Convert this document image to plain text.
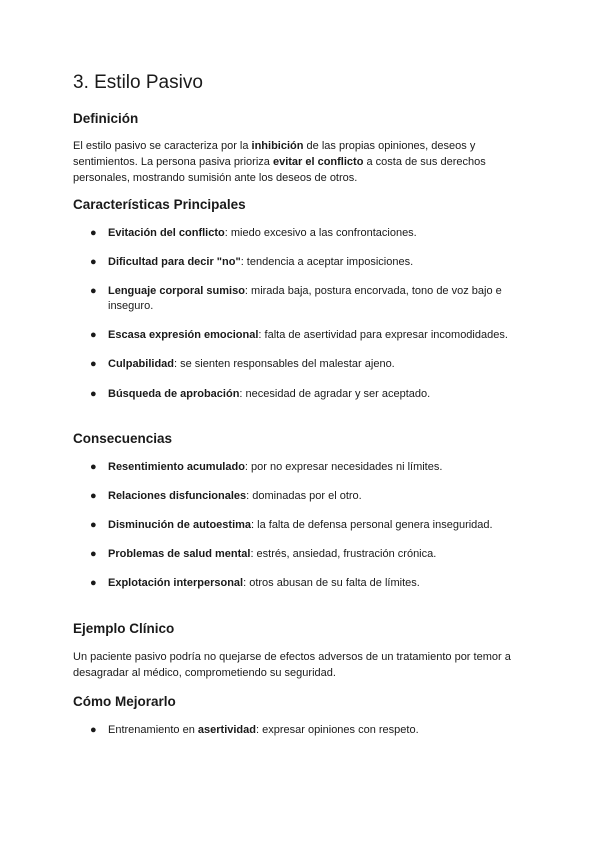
3. Estilo Pasivo
Definición

El estilo pasivo se caracteriza por la inhibición de las propias opiniones, deseos y sentimientos. La persona pasiva prioriza evitar el conflicto a costa de sus derechos personales, mostrando sumisión ante los deseos de otros.

Características Principales
● Evitación del conflicto: miedo excesivo a las confrontaciones.
● Dificultad para decir "no": tendencia a aceptar imposiciones.
● Lenguaje corporal sumiso: mirada baja, postura encorvada, tono de voz bajo e inseguro.
● Escasa expresión emocional: falta de asertividad para expresar incomodidades.
● Culpabilidad: se sienten responsables del malestar ajeno.
● Búsqueda de aprobación: necesidad de agradar y ser aceptado.
Consecuencias
● Resentimiento acumulado: por no expresar necesidades ni límites.
● Relaciones disfuncionales: dominadas por el otro.
● Disminución de autoestima: la falta de defensa personal genera inseguridad.
● Problemas de salud mental: estrés, ansiedad, frustración crónica.
● Explotación interpersonal: otros abusan de su falta de límites.
Ejemplo Clínico

Un paciente pasivo podría no quejarse de efectos adversos de un tratamiento por temor a desagradar al médico, comprometiendo su seguridad.

Cómo Mejorarlo
● Entrenamiento en asertividad: expresar opiniones con respeto.
